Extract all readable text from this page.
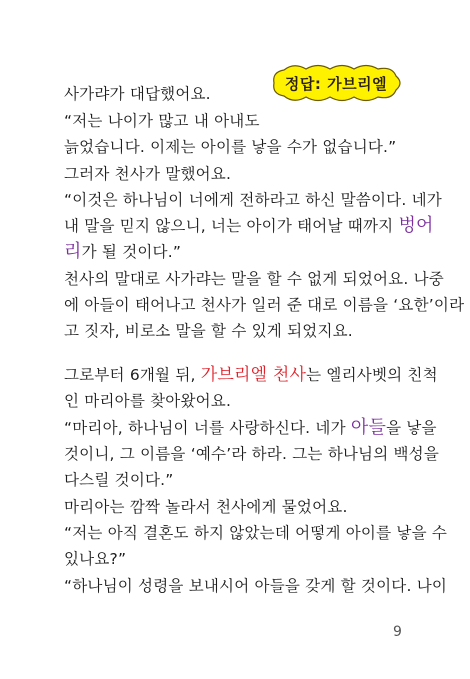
정답: 가브리엘
사가랴가 대답했어요.
“저는 나이가 많고 내 아내도
늙었습니다. 이제는 아이를 낳을 수가 없습니다.”
그러자 천사가 말했어요.
“이것은 하나님이 너에게 전하라고 하신 말씀이다. 네가
내 말을 믿지 않으니, 너는 아이가 태어날 때까지 벙어
리가 될 것이다.”
천사의 말대로 사가랴는 말을 할 수 없게 되었어요. 나중
에 아들이 태어나고 천사가 일러 준 대로 이름을 ‘요한’이라
고 짓자, 비로소 말을 할 수 있게 되었지요.
그로부터 6개월 뒤, 가브리엘 천사는 엘리사벳의 친척
인 마리아를 찾아왔어요.
“마리아, 하나님이 너를 사랑하신다. 네가 아들을 낳을
것이니, 그 이름을 ‘예수’라 하라. 그는 하나님의 백성을
다스릴 것이다.”
마리아는 깜짝 놀라서 천사에게 물었어요.
“저는 아직 결혼도 하지 않았는데 어떻게 아이를 낳을 수
있나요?”
“하나님이 성령을 보내시어 아들을 갖게 할 것이다. 나이
9
